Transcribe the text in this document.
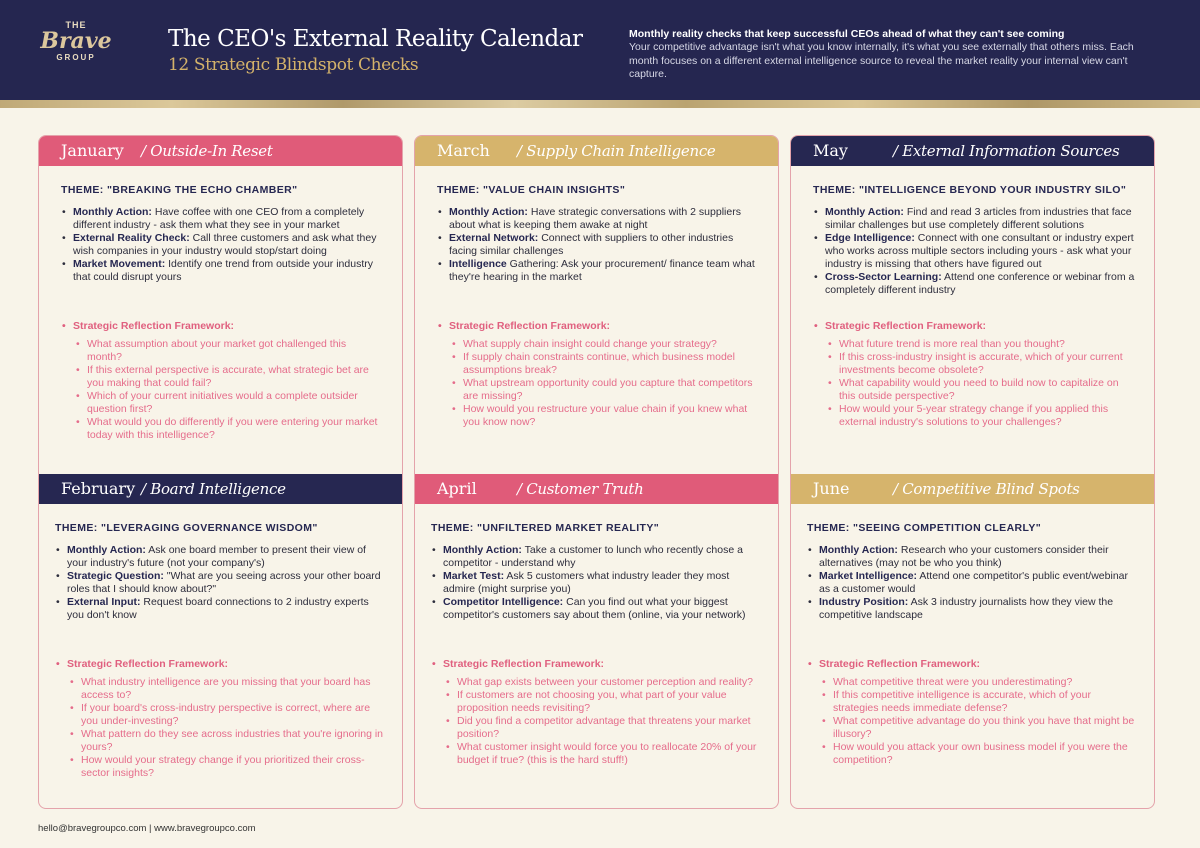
THE
Brave
GROUP
The CEO's External Reality Calendar
12 Strategic Blindspot Checks
Monthly reality checks that keep successful CEOs ahead of what they can't see coming
Your competitive advantage isn't what you know internally, it's what you see externally that others miss. Each month focuses on a different external intelligence source to reveal the market reality your internal view can't capture.
January / Outside-In Reset
THEME: "BREAKING THE ECHO CHAMBER"
• Monthly Action: Have coffee with one CEO from a completely different industry - ask them what they see in your market
• External Reality Check: Call three customers and ask what they wish companies in your industry would stop/start doing
• Market Movement: Identify one trend from outside your industry that could disrupt yours
• Strategic Reflection Framework:
• What assumption about your market got challenged this month?
• If this external perspective is accurate, what strategic bet are you making that could fail?
• Which of your current initiatives would a complete outsider question first?
• What would you do differently if you were entering your market today with this intelligence?
February / Board Intelligence
THEME: "LEVERAGING GOVERNANCE WISDOM"
• Monthly Action: Ask one board member to present their view of your industry's future (not your company's)
• Strategic Question: "What are you seeing across your other board roles that I should know about?"
• External Input: Request board connections to 2 industry experts you don't know
• Strategic Reflection Framework:
• What industry intelligence are you missing that your board has access to?
• If your board's cross-industry perspective is correct, where are you under-investing?
• What pattern do they see across industries that you're ignoring in yours?
• How would your strategy change if you prioritized their cross-sector insights?
March / Supply Chain Intelligence
THEME: "VALUE CHAIN INSIGHTS"
• Monthly Action: Have strategic conversations with 2 suppliers about what is keeping them awake at night
• External Network: Connect with suppliers to other industries facing similar challenges
• Intelligence Gathering: Ask your procurement/ finance team what they're hearing in the market
• Strategic Reflection Framework:
• What supply chain insight could change your strategy?
• If supply chain constraints continue, which business model assumptions break?
• What upstream opportunity could you capture that competitors are missing?
• How would you restructure your value chain if you knew what you know now?
April	/ Customer Truth
THEME: "UNFILTERED MARKET REALITY"
• Monthly Action: Take a customer to lunch who recently chose a competitor - understand why
• Market Test: Ask 5 customers what industry leader they most admire (might surprise you)
• Competitor Intelligence: Can you find out what your biggest competitor's customers say about them (online, via your network)
• Strategic Reflection Framework:
• What gap exists between your customer perception and reality?
• If customers are not choosing you, what part of your value proposition needs revisiting?
• Did you find a competitor advantage that threatens your market position?
• What customer insight would force you to reallocate 20% of your budget if true? (this is the hard stuff!)
May	/ External Information Sources
THEME: "INTELLIGENCE BEYOND YOUR INDUSTRY SILO"
• Monthly Action: Find and read 3 articles from industries that face similar challenges but use completely different solutions
• Edge Intelligence: Connect with one consultant or industry expert who works across multiple sectors including yours - ask what your industry is missing that others have figured out
• Cross-Sector Learning: Attend one conference or webinar from a completely different industry
• Strategic Reflection Framework:
• What future trend is more real than you thought?
• If this cross-industry insight is accurate, which of your current investments become obsolete?
• What capability would you need to build now to capitalize on this outside perspective?
• How would your 5-year strategy change if you applied this external industry's solutions to your challenges?
June	/ Competitive Blind Spots
THEME: "SEEING COMPETITION CLEARLY"
• Monthly Action: Research who your customers consider their alternatives (may not be who you think)
• Market Intelligence: Attend one competitor's public event/webinar as a customer would
• Industry Position: Ask 3 industry journalists how they view the competitive landscape
• Strategic Reflection Framework:
• What competitive threat were you underestimating?
• If this competitive intelligence is accurate, which of your strategies needs immediate defense?
• What competitive advantage do you think you have that might be illusory?
• How would you attack your own business model if you were the competition?
hello@bravegroupco.com | www.bravegroupco.com
